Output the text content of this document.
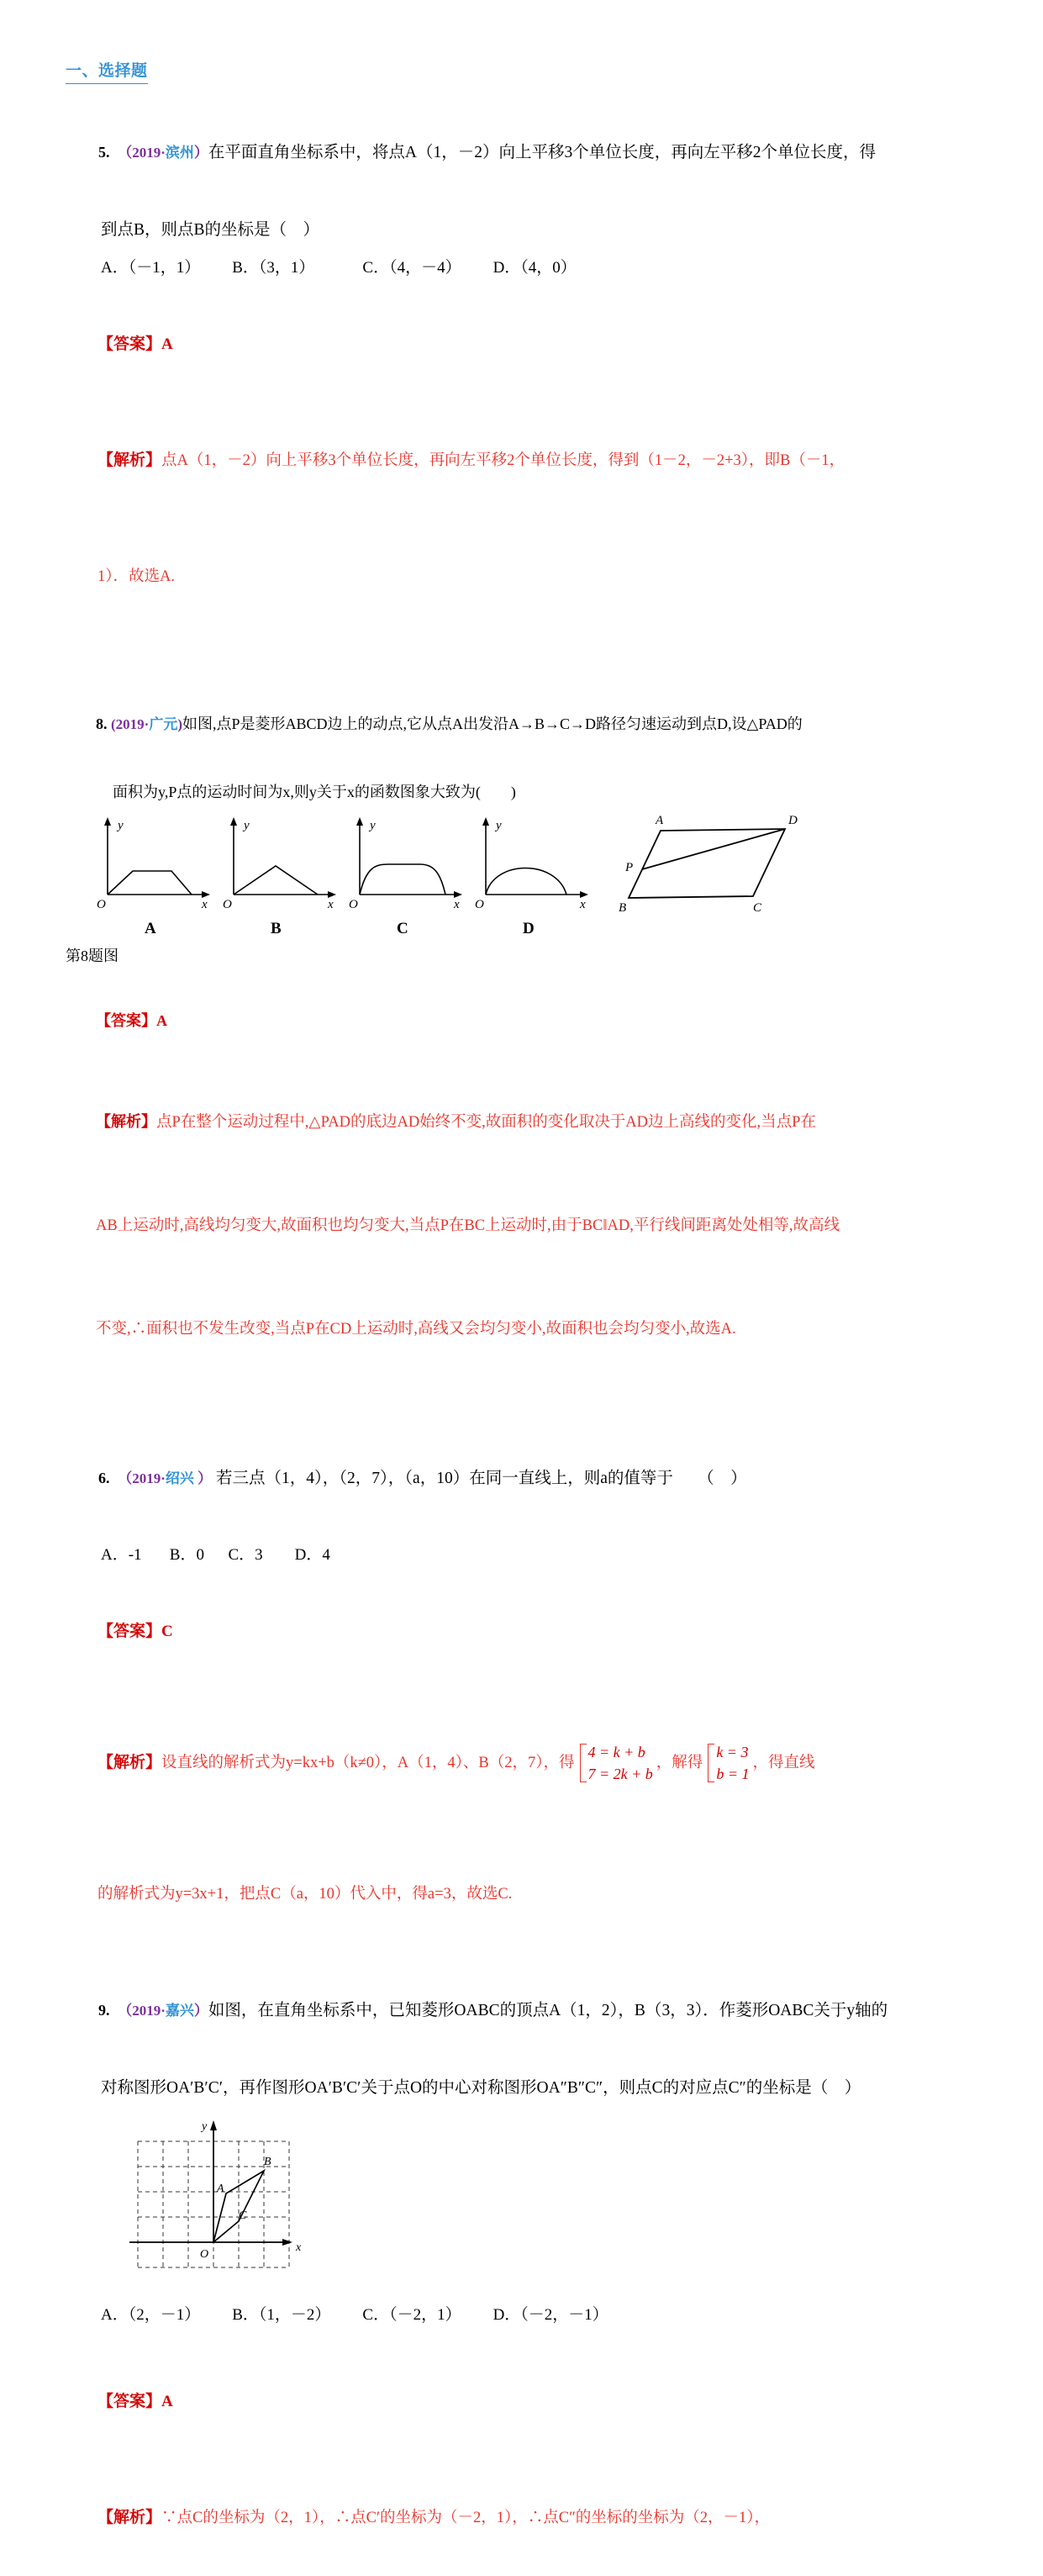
一、选择题

5. （2019·滨州）在平面直角坐标系中，将点A（1，－2）向上平移3个单位长度，再向左平移2个单位长度，得

到点B，则点B的坐标是（    ）
A．（－1，1）        B．（3，1）            C．（4，－4）        D．（4，0）

【答案】A

【解析】点A（1，－2）向上平移3个单位长度，再向左平移2个单位长度，得到（1－2，－2+3），即B（－1，

1）．故选A.

8. (2019·广元)如图,点P是菱形ABCD边上的动点,它从点A出发沿A→B→C→D路径匀速运动到点D,设△PAD的

面积为y,P点的运动时间为x,则y关于x的函数图象大致为(        )
y
O	x
y
O	x
y
O	x
y
O	x
A	D
B	C
P
A	B	C	D
第8题图

【答案】A

【解析】点P在整个运动过程中,△PAD的底边AD始终不变,故面积的变化取决于AD边上高线的变化,当点P在

AB上运动时,高线均匀变大,故面积也均匀变大,当点P在BC上运动时,由于BC‖AD,平行线间距离处处相等,故高线

不变,∴面积也不发生改变,当点P在CD上运动时,高线又会均匀变小,故面积也会均匀变小,故选A.

6. （2019·绍兴 ） 若三点（1，4），（2，7），（a，10）在同一直线上，则a的值等于      （    ）

A．-1       B．0      C．3        D．4

【答案】C

【解析】设直线的解析式为y=kx+b（k≠0），A（1，4）、B（2，7），得
4 = k + b
7 = 2k + b
，解得
k = 3
b = 1
，得直线

的解析式为y=3x+1，把点C（a，10）代入中，得a=3，故选C.

9. （2019·嘉兴）如图，在直角坐标系中，已知菱形OABC的顶点A（1，2），B（3，3）．作菱形OABC关于y轴的

对称图形OA′B′C′，再作图形OA′B′C′关于点O的中心对称图形OA″B″C″，则点C的对应点C″的坐标是（    ）
y
x
O
A
B
C
A．（2，－1）        B．（1，－2）        C．（－2，1）        D．（－2，－1）

【答案】A

【解析】∵点C的坐标为（2，1），∴点C′的坐标为（－2，1），∴点C″的坐标的坐标为（2，－1），
